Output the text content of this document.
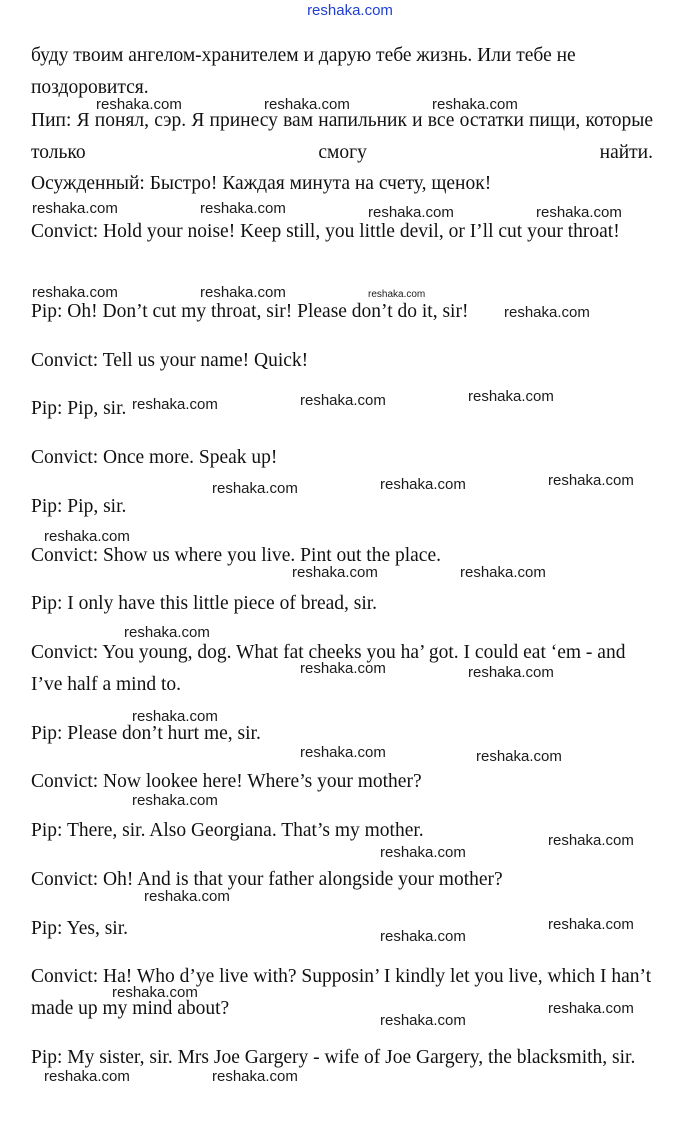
reshaka.com
буду твоим ангелом-хранителем и дарую тебе жизнь. Или тебе не поздоровится.
Пип: Я понял, сэр. Я принесу вам напильник и все остатки пищи, которые только смогу найти.
Осужденный: Быстро! Каждая минута на счету, щенок!
Convict: Hold your noise! Keep still, you little devil, or I’ll cut your throat!
Pip: Oh! Don’t cut my throat, sir! Please don’t do it, sir!
Convict: Tell us your name! Quick!
Pip: Pip, sir.
Convict: Once more. Speak up!
Pip: Pip, sir.
Convict: Show us where you live. Pint out the place.
Pip: I only have this little piece of bread, sir.
Convict: You young, dog. What fat cheeks you ha’ got. I could eat ‘em - and I’ve half a mind to.
Pip: Please don’t hurt me, sir.
Convict: Now lookee here! Where’s your mother?
Pip: There, sir. Also Georgiana. That’s my mother.
Convict: Oh! And is that your father alongside your mother?
Pip: Yes, sir.
Convict: Ha! Who d’ye live with? Supposin’ I kindly let you live, which I han’t made up my mind about?
Pip: My sister, sir. Mrs Joe Gargery - wife of Joe Gargery, the blacksmith, sir.
reshaka.com	reshaka.com	reshaka.com
reshaka.com	reshaka.com	reshaka.com	reshaka.com
reshaka.com	reshaka.com	reshaka.com
reshaka.com
reshaka.com	reshaka.com	reshaka.com
reshaka.com	reshaka.com	reshaka.com
reshaka.com
reshaka.com	reshaka.com
reshaka.com
reshaka.com	reshaka.com
reshaka.com
reshaka.com	reshaka.com
reshaka.com
reshaka.com
reshaka.com
reshaka.com
reshaka.com
reshaka.com
reshaka.com
reshaka.com
reshaka.com
reshaka.com	reshaka.com
